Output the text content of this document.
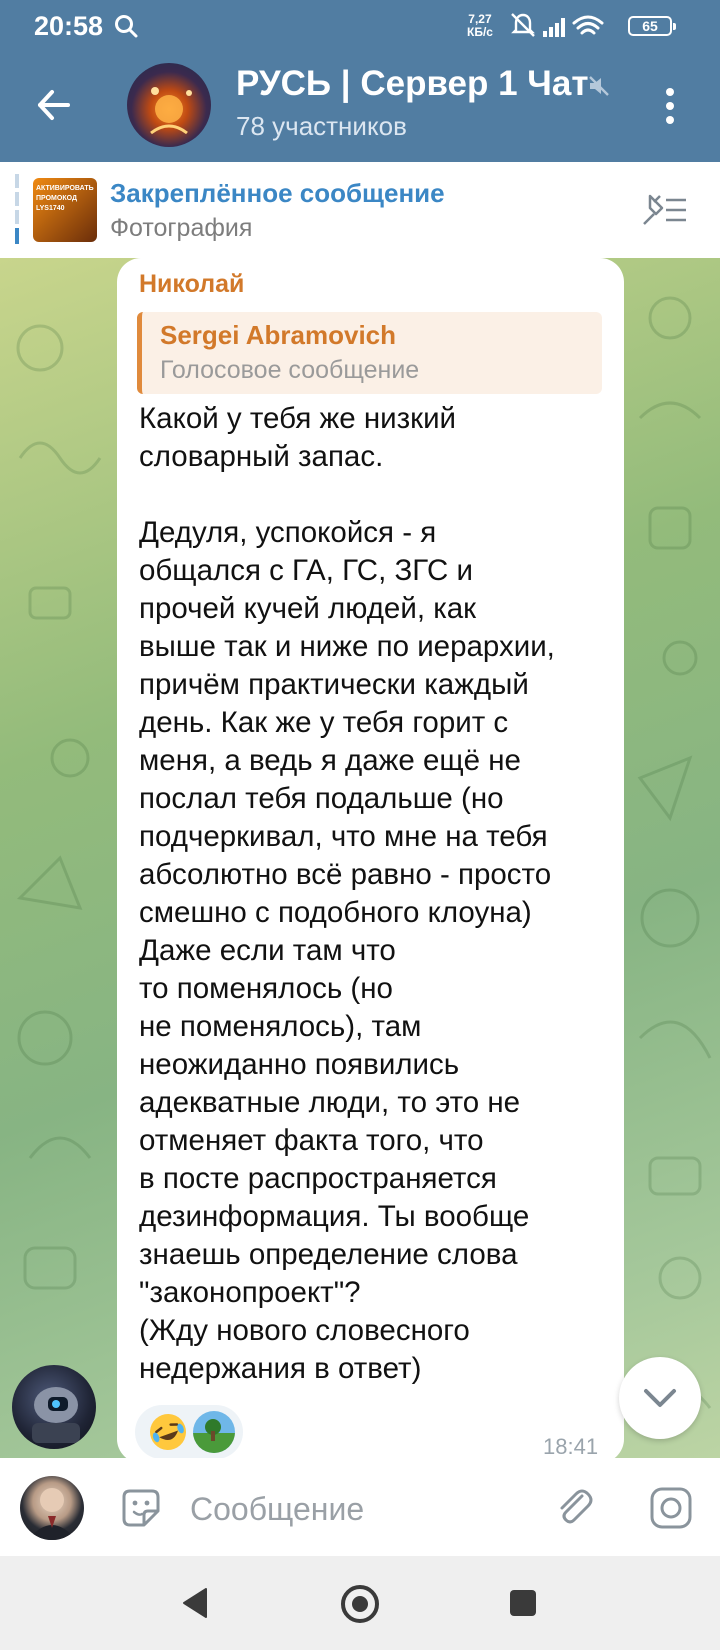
20:58	7,27
КБ/с	65
РУСЬ | Сервер 1 Чат
78 участников
АКТИВИРОВАТЬ ПРОМОКОД LYS1740
Закреплённое сообщение
Фотография
Николай
Sergei Abramovich
Голосовое сообщение
Какой у тебя же низкий
словарный запас.

Дедуля, успокойся - я
общался с ГА, ГС, ЗГС и
прочей кучей людей, как
выше так и ниже по иерархии,
причём практически каждый
день. Как же у тебя горит с
меня, а ведь я даже ещё не
послал тебя подальше (но
подчеркивал, что мне на тебя
абсолютно всё равно - просто
смешно с подобного клоуна)
Даже если там что
то поменялось (но
не поменялось), там
неожиданно появились
адекватные люди, то это не
отменяет факта того, что
в посте распространяется
дезинформация. Ты вообще
знаешь определение слова
"законопроект"?
(Жду нового словесного
недержания в ответ)
18:41
Сообщение
